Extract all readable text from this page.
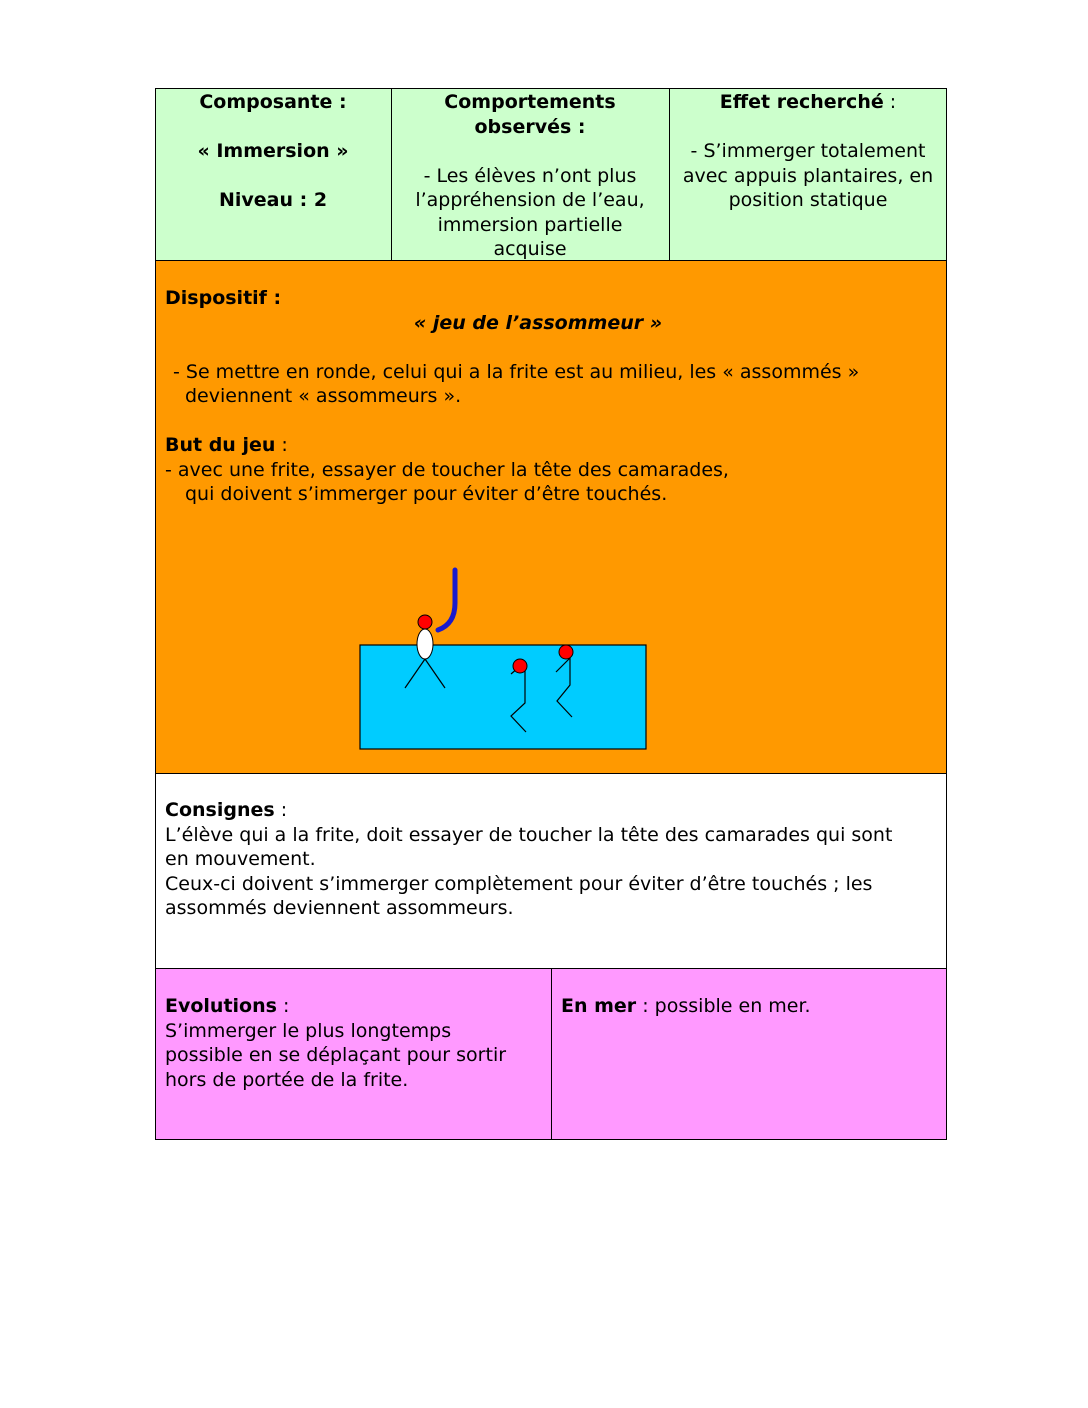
Composante :

« Immersion »

Niveau : 2

Comportements observés :

- Les élèves n’ont plus l’appréhension de l’eau, immersion partielle acquise

Effet recherché :

- S’immerger totalement avec appuis plantaires, en position statique

Dispositif :

« jeu de l’assommeur »

- Se mettre en ronde, celui qui a la frite est au milieu, les « assommés »

deviennent « assommeurs ».

But du jeu :

- avec une frite, essayer de toucher la tête des camarades,

qui doivent s’immerger pour éviter d’être touchés.

Consignes :

L’élève qui a la frite, doit essayer de toucher la tête des camarades qui sont

en mouvement.

Ceux-ci doivent s’immerger complètement pour éviter d’être touchés ; les

assommés deviennent assommeurs.

Evolutions :

S’immerger le plus longtemps

possible en se déplaçant pour sortir

hors de portée de la frite.

En mer : possible en mer.
